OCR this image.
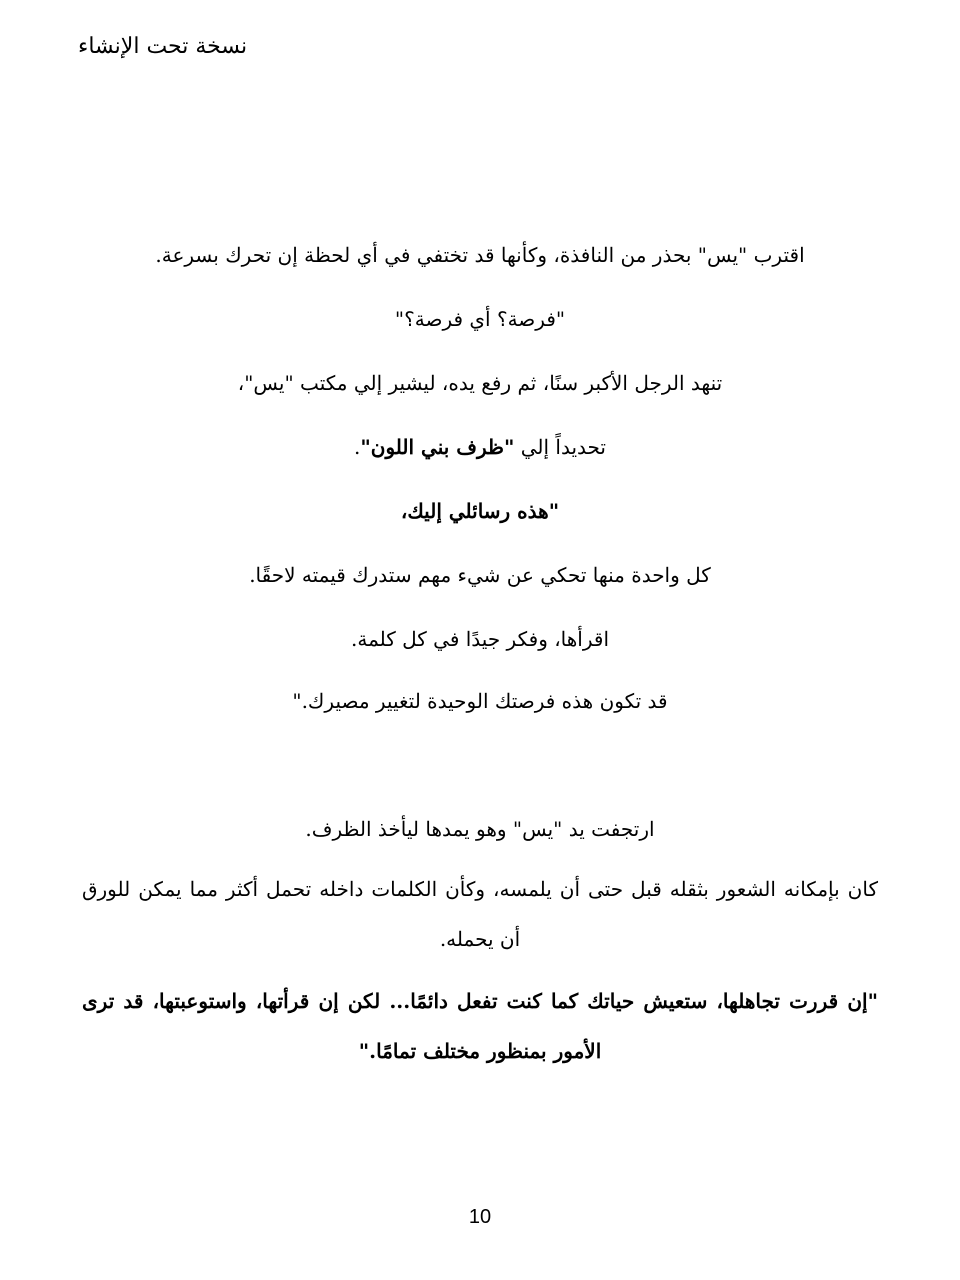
نسخة تحت الإنشاء
اقترب "يس" بحذر من النافذة، وكأنها قد تختفي في أي لحظة إن تحرك بسرعة.
"فرصة؟ أي فرصة؟"
تنهد الرجل الأكبر سنًا، ثم رفع يده، ليشير إلي مكتب "يس"،
تحديداً إلي "ظرف بني اللون".
"هذه رسائلي إليك،
كل واحدة منها تحكي عن شيء مهم ستدرك قيمته لاحقًا.
اقرأها، وفكر جيدًا في كل كلمة.
قد تكون هذه فرصتك الوحيدة لتغيير مصيرك."
ارتجفت يد "يس" وهو يمدها ليأخذ الظرف.
كان بإمكانه الشعور بثقله قبل حتى أن يلمسه، وكأن الكلمات داخله تحمل أكثر مما يمكن للورق أن يحمله.
"إن قررت تجاهلها، ستعيش حياتك كما كنت تفعل دائمًا... لكن إن قرأتها، واستوعبتها، قد ترى الأمور بمنظور مختلف تمامًا."
10
